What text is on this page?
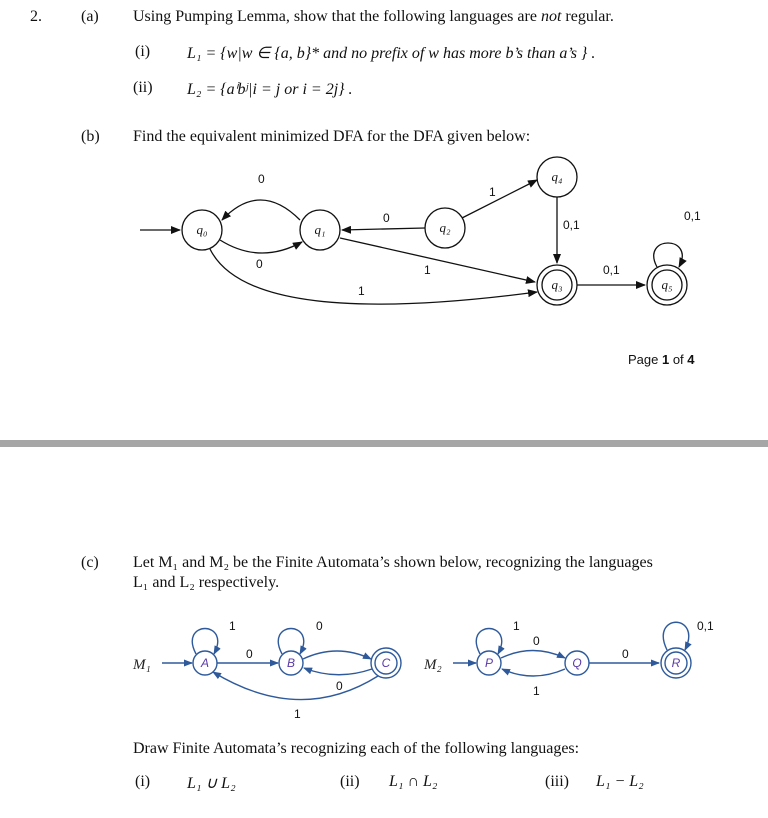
2. (a) Using Pumping Lemma, show that the following languages are not regular.
(i) L₁ = {w|w ∈ {a, b}* and no prefix of w has more b’s than a’s } .
(ii) L₂ = {aⁱbʲ|i = j or i = 2j} .
(b) Find the equivalent minimized DFA for the DFA given below:
q₀	q₁	q₂
q₃
q₄
q₅
0
0
0
1
1
1
0,1
0,1
0,1
Page 1 of 4
(c) Let M₁ and M₂ be the Finite Automata’s shown below, recognizing the languages
L₁ and L₂ respectively.
M₁	A	B	C
1
0
0
0
1
M₂	P	Q	R
1
0
1
0
0,1
Draw Finite Automata’s recognizing each of the following languages:
(i) L₁ ∪ L₂	(ii) L₁ ∩ L₂	(iii) L₁ − L₂
